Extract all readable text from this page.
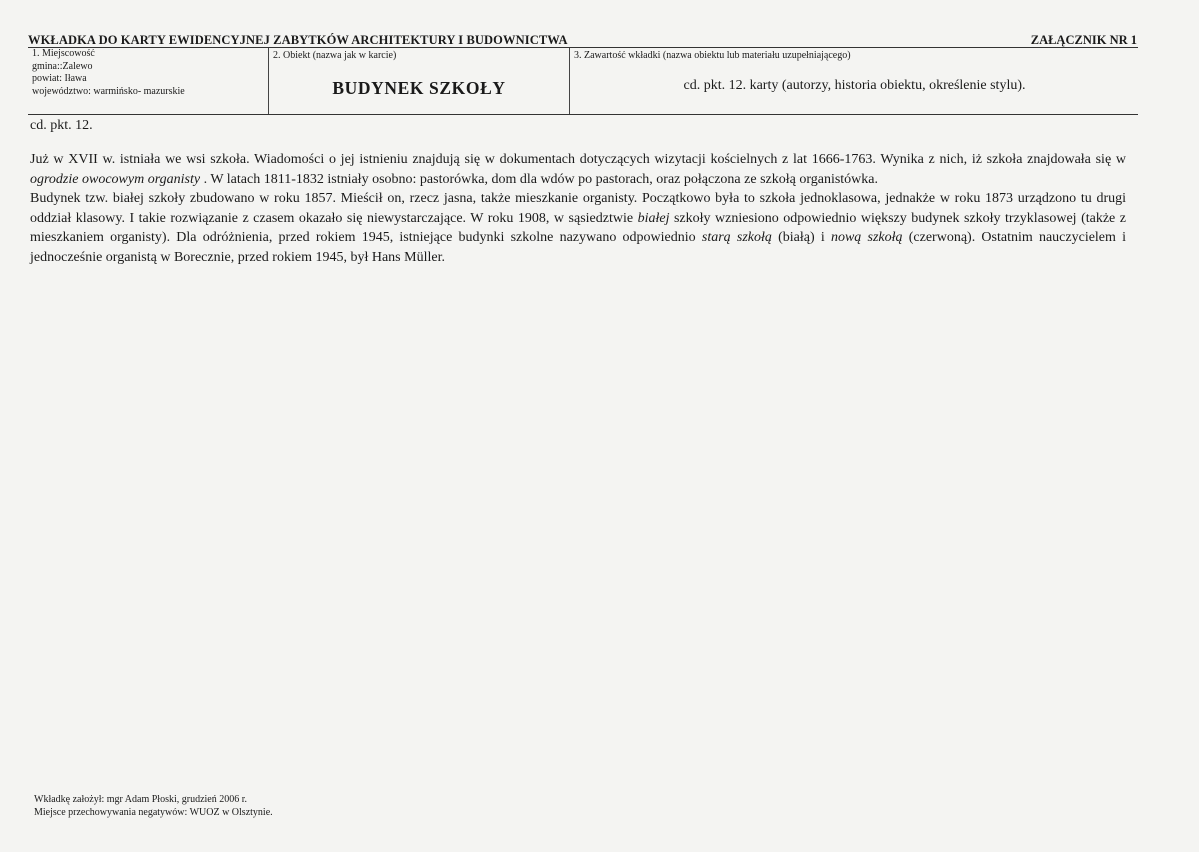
WKŁADKA DO KARTY EWIDENCYJNEJ ZABYTKÓW ARCHITEKTURY I BUDOWNICTWA	ZAŁĄCZNIK NR 1
1. Miejscowość
gmina::Zalewo
powiat: Iława
województwo: warmińsko- mazurskie
2. Obiekt (nazwa jak w karcie)
BUDYNEK SZKOŁY
3. Zawartość wkładki (nazwa obiektu lub materiału uzupełniającego)
cd. pkt. 12. karty (autorzy, historia obiektu, określenie stylu).
cd. pkt. 12.

Już w XVII w. istniała we wsi szkoła. Wiadomości o jej istnieniu znajdują się w dokumentach dotyczących wizytacji kościelnych z lat 1666-1763. Wynika z nich, iż szkoła znajdowała się w ogrodzie owocowym organisty . W latach 1811-1832 istniały osobno: pastorówka, dom dla wdów po pastorach, oraz połączona ze szkołą organistówka.

Budynek tzw. białej szkoły zbudowano w roku 1857. Mieścił on, rzecz jasna, także mieszkanie organisty. Początkowo była to szkoła jednoklasowa, jednakże w roku 1873 urządzono tu drugi oddział klasowy. I takie rozwiązanie z czasem okazało się niewystarczające. W roku 1908, w sąsiedztwie białej szkoły wzniesiono odpowiednio większy budynek szkoły trzyklasowej (także z mieszkaniem organisty). Dla odróżnienia, przed rokiem 1945, istniejące budynki szkolne nazywano odpowiednio starą szkołą (białą) i nową szkołą (czerwoną). Ostatnim nauczycielem i jednocześnie organistą w Borecznie, przed rokiem 1945, był Hans Müller.

Wkładkę założył: mgr Adam Płoski, grudzień 2006 r.
Miejsce przechowywania negatywów: WUOZ w Olsztynie.
